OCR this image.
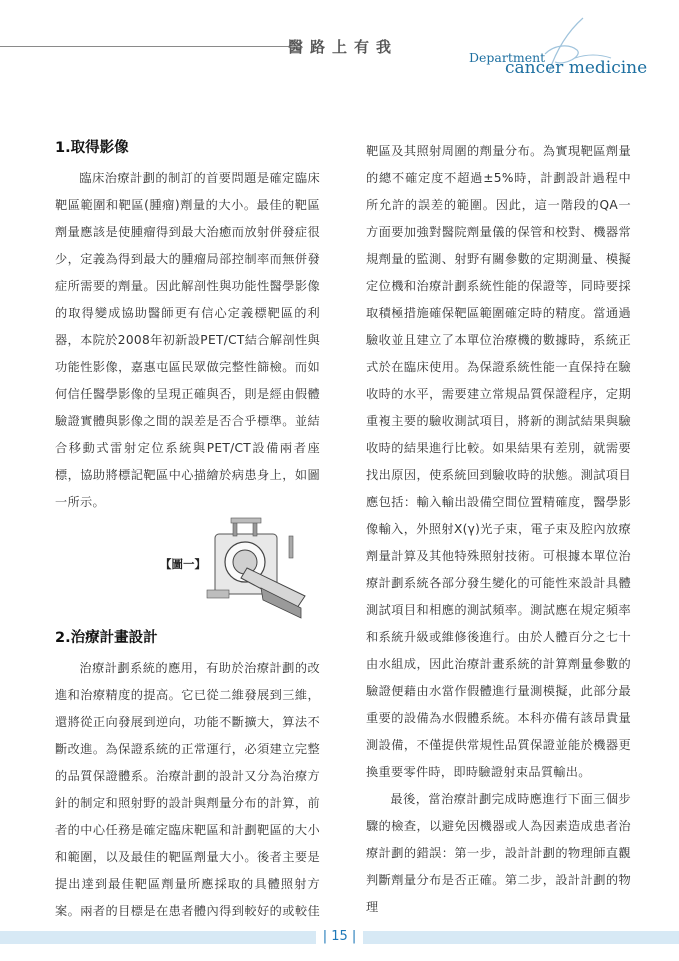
醫路上有我
Department
cancer medicine
1.取得影像

臨床治療計劃的制訂的首要問題是確定臨床靶區範圍和靶區(腫瘤)劑量的大小。最佳的靶區劑量應該是使腫瘤得到最大治癒而放射併發症很少，定義為得到最大的腫瘤局部控制率而無併發症所需要的劑量。因此解剖性與功能性醫學影像的取得變成協助醫師更有信心定義標靶區的利器，本院於2008年初新設PET/CT結合解剖性與功能性影像，嘉惠屯區民眾做完整性篩檢。而如何信任醫學影像的呈現正確與否，則是經由假體驗證實體與影像之間的誤差是否合乎標準。並結合移動式雷射定位系統與PET/CT設備兩者座標，協助將標記靶區中心描繪於病患身上，如圖一所示。

【圖一】
2.治療計畫設計

治療計劃系統的應用，有助於治療計劃的改進和治療精度的提高。它已從二維發展到三維，還將從正向發展到逆向，功能不斷擴大，算法不斷改進。為保證系統的正常運行，必須建立完整的品質保證體系。治療計劃的設計又分為治療方針的制定和照射野的設計與劑量分布的計算，前者的中心任務是確定臨床靶區和計劃靶區的大小和範圍，以及最佳的靶區劑量大小。後者主要是提出達到最佳靶區劑量所應採取的具體照射方案。兩者的目標是在患者體內得到較好的或較佳

靶區及其照射周圍的劑量分布。為實現靶區劑量的總不確定度不超過±5%時，計劃設計過程中所允許的誤差的範圍。因此，這一階段的QA一方面要加強對醫院劑量儀的保管和校對、機器常規劑量的監測、射野有關參數的定期測量、模擬定位機和治療計劃系統性能的保證等，同時要採取積極措施確保靶區範圍確定時的精度。當通過驗收並且建立了本單位治療機的數據時，系統正式於在臨床使用。為保證系統性能一直保持在驗收時的水平，需要建立常規品質保證程序，定期重複主要的驗收測試項目，將新的測試結果與驗收時的結果進行比較。如果結果有差別，就需要找出原因，使系統回到驗收時的狀態。測試項目應包括：輸入輸出設備空間位置精確度，醫學影像輸入，外照射X(γ)光子束，電子束及腔內放療劑量計算及其他特殊照射技術。可根據本單位治療計劃系統各部分發生變化的可能性來設計具體測試項目和相應的測試頻率。測試應在規定頻率和系統升級或維修後進行。由於人體百分之七十由水組成，因此治療計畫系統的計算劑量參數的驗證便藉由水當作假體進行量測模擬，此部分最重要的設備為水假體系統。本科亦備有該昂貴量測設備，不僅提供常規性品質保證並能於機器更換重要零件時，即時驗證射束品質輸出。

最後，當治療計劃完成時應進行下面三個步驟的檢查，以避免因機器或人為因素造成患者治療計劃的錯誤：第一步，設計計劃的物理師直觀判斷劑量分布是否正確。第二步，設計計劃的物理

| 15 |
